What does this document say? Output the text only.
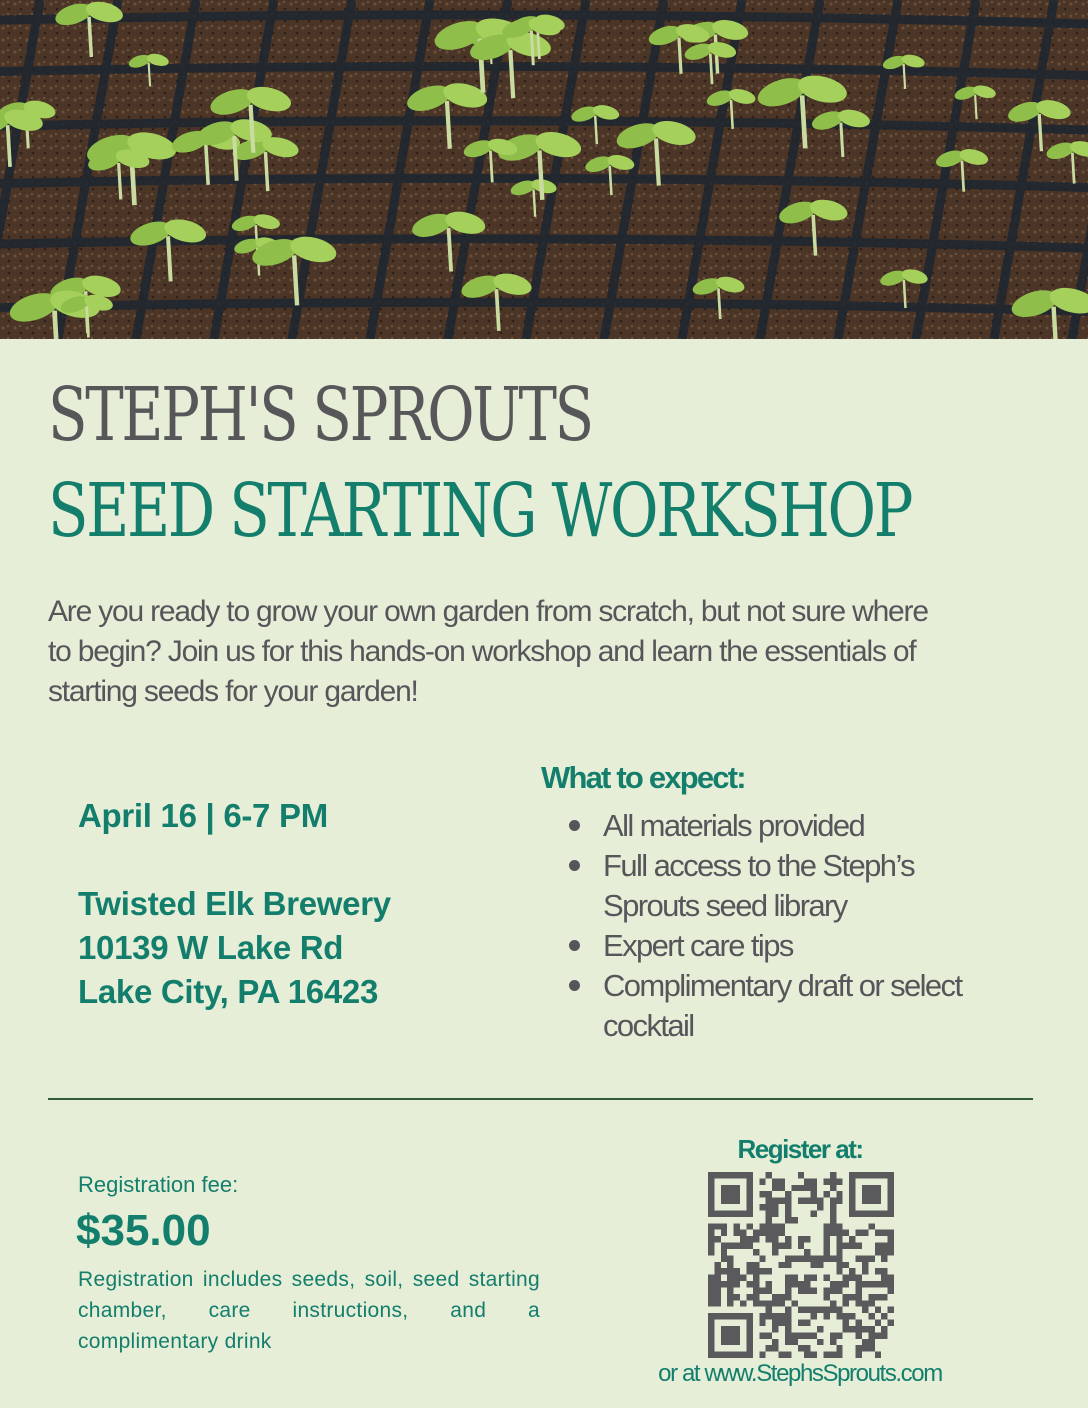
STEPH'S SPROUTS
SEED STARTING WORKSHOP
Are you ready to grow your own garden from scratch, but not sure where to begin? Join us for this hands-on workshop and learn the essentials of starting seeds for your garden!
April 16 | 6-7 PM
Twisted Elk Brewery
10139 W Lake Rd
Lake City, PA 16423
What to expect:
All materials provided
Full access to the Steph’s Sprouts seed library
Expert care tips
Complimentary draft or select cocktail
Registration fee:
$35.00
Registration includes seeds, soil, seed starting chamber, care instructions, and a complimentary drink
Register at:
or at www.StephsSprouts.com
